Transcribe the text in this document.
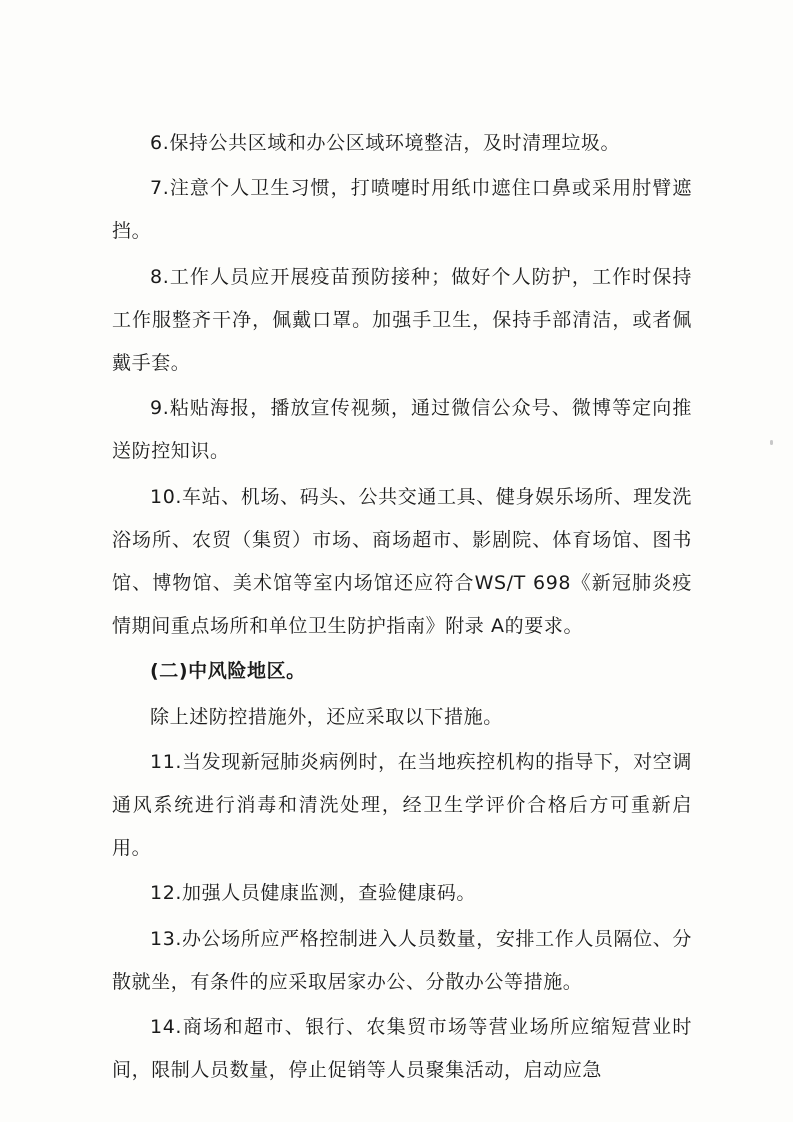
6.保持公共区域和办公区域环境整洁，及时清理垃圾。

7.注意个人卫生习惯，打喷嚏时用纸巾遮住口鼻或采用肘臂遮挡。

8.工作人员应开展疫苗预防接种；做好个人防护，工作时保持工作服整齐干净，佩戴口罩。加强手卫生，保持手部清洁，或者佩戴手套。

9.粘贴海报，播放宣传视频，通过微信公众号、微博等定向推送防控知识。

10.车站、机场、码头、公共交通工具、健身娱乐场所、理发洗浴场所、农贸（集贸）市场、商场超市、影剧院、体育场馆、图书馆、博物馆、美术馆等室内场馆还应符合WS/T 698《新冠肺炎疫情期间重点场所和单位卫生防护指南》附录 A的要求。

(二)中风险地区。

除上述防控措施外，还应采取以下措施。

11.当发现新冠肺炎病例时，在当地疾控机构的指导下，对空调通风系统进行消毒和清洗处理，经卫生学评价合格后方可重新启用。

12.加强人员健康监测，查验健康码。

13.办公场所应严格控制进入人员数量，安排工作人员隔位、分散就坐，有条件的应采取居家办公、分散办公等措施。

14.商场和超市、银行、农集贸市场等营业场所应缩短营业时间，限制人员数量，停止促销等人员聚集活动，启动应急
